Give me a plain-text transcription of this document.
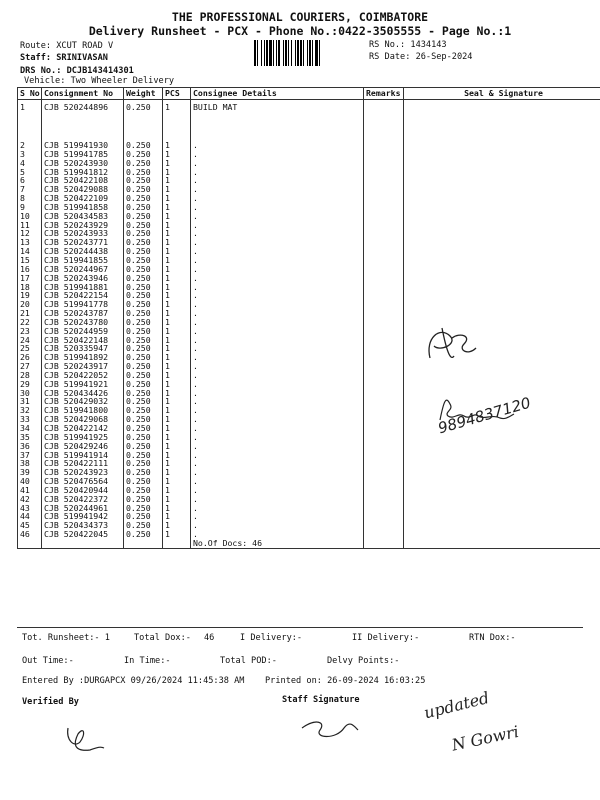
THE PROFESSIONAL COURIERS, COIMBATORE
Delivery Runsheet - PCX - Phone No.:0422-3505555 - Page No.:1
Route: XCUT ROAD V
Staff: SRINIVASAN
DRS No.: DCJB143414301
Vehicle: Two Wheeler Delivery
RS No.: 1434143
RS Date: 26-Sep-2024
S No	Consignment No	Weight	PCS	Consignee Details	Remarks	Seal & Signature
1	CJB 520244896	0.250	1	BUILD MAT		
2	CJB 519941930	0.250	1	.		
3	CJB 519941785	0.250	1	.		
4	CJB 520243930	0.250	1	.		
5	CJB 519941812	0.250	1	.		
6	CJB 520422108	0.250	1	.		
7	CJB 520429088	0.250	1	.		
8	CJB 520422109	0.250	1	.		
9	CJB 519941858	0.250	1	.		
10	CJB 520434583	0.250	1	.		
11	CJB 520243929	0.250	1	.		
12	CJB 520243933	0.250	1	.		
13	CJB 520243771	0.250	1	.		
14	CJB 520244438	0.250	1	.		
15	CJB 519941855	0.250	1	.		
16	CJB 520244967	0.250	1	.		
17	CJB 520243946	0.250	1	.		
18	CJB 519941881	0.250	1	.		
19	CJB 520422154	0.250	1	.		
20	CJB 519941778	0.250	1	.		
21	CJB 520243787	0.250	1	.		
22	CJB 520243780	0.250	1	.		
23	CJB 520244959	0.250	1	.		
24	CJB 520422148	0.250	1	.		
25	CJB 520335947	0.250	1	.		
26	CJB 519941892	0.250	1	.		
27	CJB 520243917	0.250	1	.		
28	CJB 520422052	0.250	1	.		
29	CJB 519941921	0.250	1	.		
30	CJB 520434426	0.250	1	.		
31	CJB 520429032	0.250	1	.		
32	CJB 519941800	0.250	1	.		
33	CJB 520429068	0.250	1	.		
34	CJB 520422142	0.250	1	.		
35	CJB 519941925	0.250	1	.		
36	CJB 520429246	0.250	1	.		
37	CJB 519941914	0.250	1	.		
38	CJB 520422111	0.250	1	.		
39	CJB 520243923	0.250	1	.		
40	CJB 520476564	0.250	1	.		
41	CJB 520420944	0.250	1	.		
42	CJB 520422372	0.250	1	.		
43	CJB 520244961	0.250	1	.		
44	CJB 519941942	0.250	1	.		
45	CJB 520434373	0.250	1	.		
46	CJB 520422045	0.250	1	.		
				No.Of Docs: 46		
Tot. Runsheet:- 1	Total Dox:- 46	I Delivery:-	II Delivery:-	RTN Dox:-
Out Time:-	In Time:-	Total POD:-	Delvy Points:-
Entered By :DURGAPCX 09/26/2024 11:45:38 AM Printed on: 26-09-2024 16:03:25
Verified By	Staff Signature
9894837120
updated
N Gowri
